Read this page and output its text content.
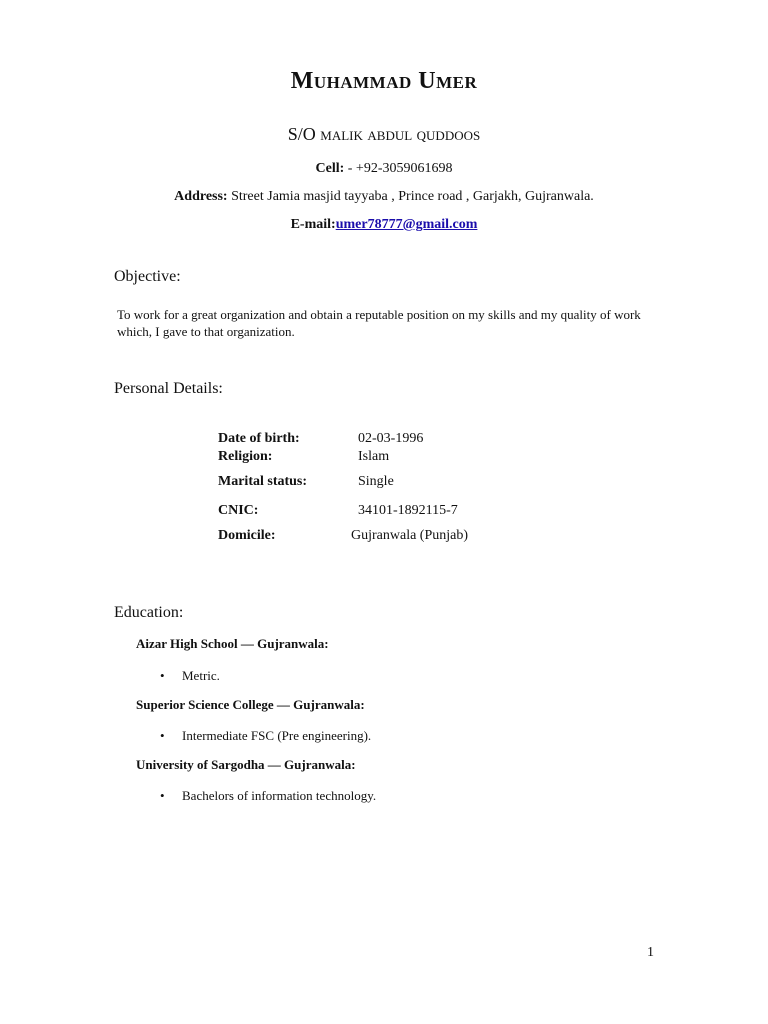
Muhammad Umer
S/O malik abdul quddoos
Cell: - +92-3059061698
Address: Street Jamia masjid tayyaba , Prince road , Garjakh, Gujranwala.
E-mail:umer78777@gmail.com
Objective:
To work for a great organization and obtain a reputable position on my skills and my quality of work which, I gave to that organization.
Personal Details:
Date of birth:	02-03-1996
Religion:	Islam
Marital status:	Single
CNIC:	34101-1892115-7
Domicile:	Gujranwala (Punjab)
Education:
Aizar High School — Gujranwala:
• Metric.
Superior Science College — Gujranwala:
• Intermediate FSC (Pre engineering).
University of Sargodha — Gujranwala:
• Bachelors of information technology.
1
